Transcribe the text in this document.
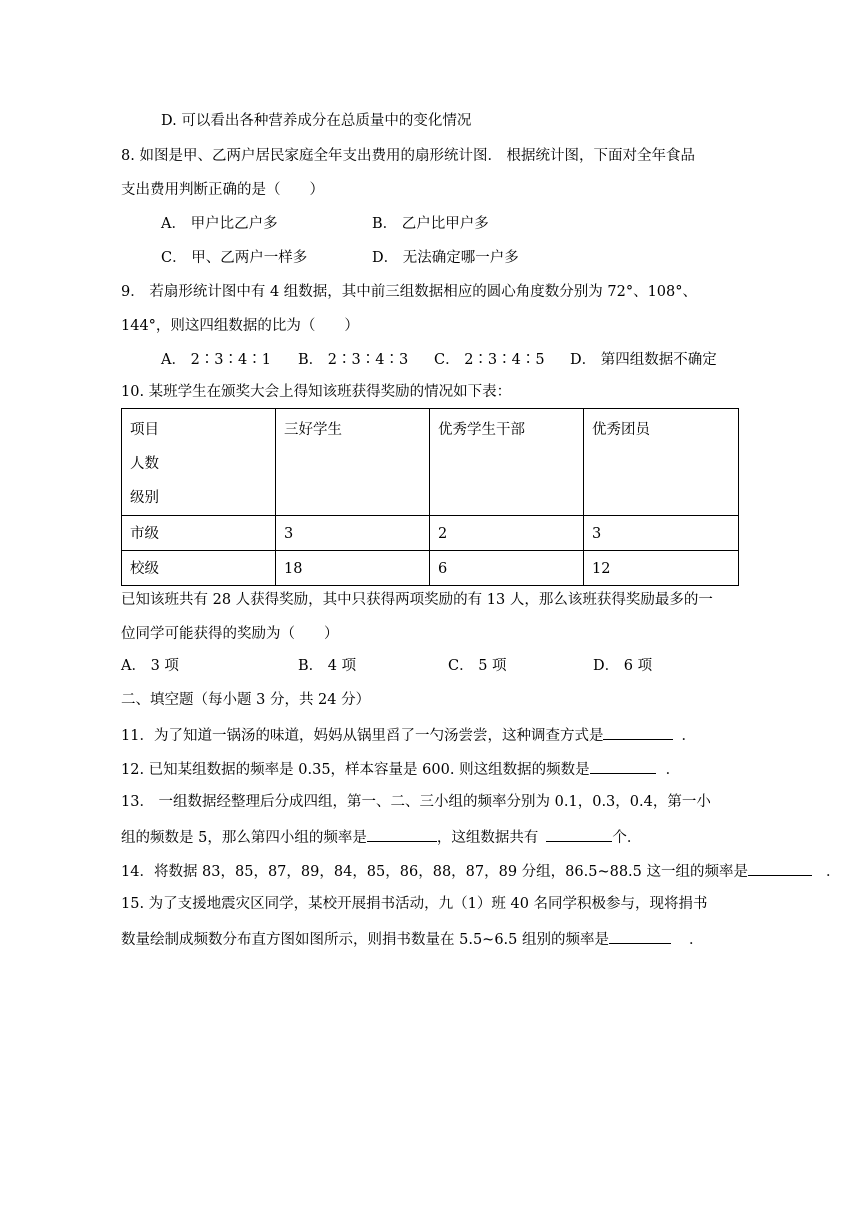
D. 可以看出各种营养成分在总质量中的变化情况
8. 如图是甲、乙两户居民家庭全年支出费用的扇形统计图． 根据统计图，下面对全年食品
支出费用判断正确的是（　　）
A． 甲户比乙户多	B． 乙户比甲户多
C． 甲、乙两户一样多	D． 无法确定哪一户多
9． 若扇形统计图中有 4 组数据，其中前三组数据相应的圆心角度数分别为 72°、108°、
144°，则这四组数据的比为（　　）
A． 2∶3∶4∶1 B． 2∶3∶4∶3 C． 2∶3∶4∶5 D． 第四组数据不确定
10. 某班学生在颁奖大会上得知该班获得奖励的情况如下表：
项目
人数
级别	三好学生	优秀学生干部	优秀团员
市级	3	2	3
校级	18	6	12
已知该班共有 28 人获得奖励，其中只获得两项奖励的有 13 人，那么该班获得奖励最多的一
位同学可能获得的奖励为（　　）
A． 3 项	B． 4 项	C． 5 项	D． 6 项
二、填空题（每小题 3 分，共 24 分）
11．为了知道一锅汤的味道，妈妈从锅里舀了一勺汤尝尝，这种调查方式是	．
12. 已知某组数据的频率是 0.35，样本容量是 600. 则这组数据的频数是	．
13． 一组数据经整理后分成四组，第一、二、三小组的频率分别为 0.1，0.3，0.4，第一小
组的频数是 5，那么第四小组的频率是	，这组数据共有	个．
14．将数据 83，85，87，89，84，85，86，88，87，89 分组，86.5~88.5 这一组的频率是	．
15. 为了支援地震灾区同学，某校开展捐书活动，九（1）班 40 名同学积极参与，现将捐书
数量绘制成频数分布直方图如图所示，则捐书数量在 5.5~6.5 组别的频率是	．
